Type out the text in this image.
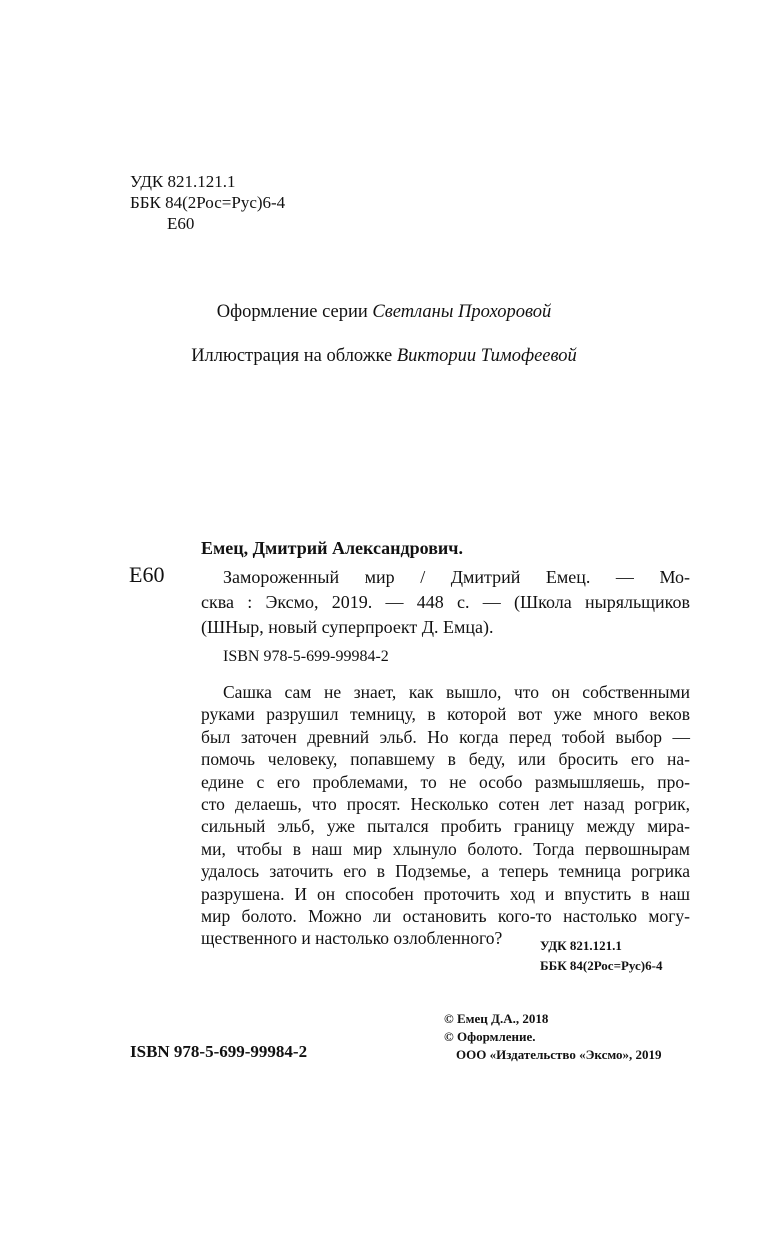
УДК 821.121.1
ББК 84(2Рос=Рус)6-4
Е60
Оформление серии Светланы Прохоровой
Иллюстрация на обложке Виктории Тимофеевой
Емец, Дмитрий Александрович.
Е60	Замороженный мир / Дмитрий Емец. — Мо-
сква : Эксмо, 2019. — 448 с. — (Школа ныряльщиков
(ШНыр, новый суперпроект Д. Емца).
ISBN 978-5-699-99984-2
Сашка сам не знает, как вышло, что он собственными
руками разрушил темницу, в которой вот уже много веков
был заточен древний эльб. Но когда перед тобой выбор —
помочь человеку, попавшему в беду, или бросить его на-
едине с его проблемами, то не особо размышляешь, про-
сто делаешь, что просят. Несколько сотен лет назад рогрик,
сильный эльб, уже пытался пробить границу между мира-
ми, чтобы в наш мир хлынуло болото. Тогда первошнырам
удалось заточить его в Подземье, а теперь темница рогрика
разрушена. И он способен проточить ход и впустить в наш
мир болото. Можно ли остановить кого-то настолько могу-
щественного и настолько озлобленного?	УДК 821.121.1
ББК 84(2Рос=Рус)6-4
© Емец Д.А., 2018
© Оформление.
ООО «Издательство «Эксмо», 2019
ISBN 978-5-699-99984-2
